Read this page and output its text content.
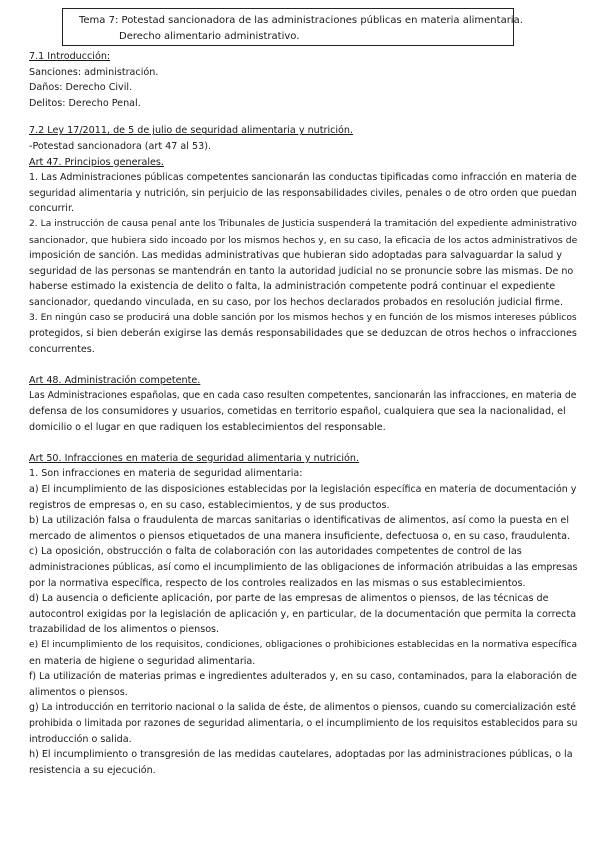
Tema 7: Potestad sancionadora de las administraciones públicas en materia alimentaria.
Derecho alimentario administrativo.
7.1 Introducción:
Sanciones: administración.
Daños: Derecho Civil.
Delitos: Derecho Penal.
7.2 Ley 17/2011, de 5 de julio de seguridad alimentaria y nutrición.
-Potestad sancionadora (art 47 al 53).
Art 47. Principios generales.
1. Las Administraciones públicas competentes sancionarán las conductas tipificadas como infracción en materia de
seguridad alimentaria y nutrición, sin perjuicio de las responsabilidades civiles, penales o de otro orden que puedan
concurrir.
2. La instrucción de causa penal ante los Tribunales de Justicia suspenderá la tramitación del expediente administrativo
sancionador, que hubiera sido incoado por los mismos hechos y, en su caso, la eficacia de los actos administrativos de
imposición de sanción. Las medidas administrativas que hubieran sido adoptadas para salvaguardar la salud y
seguridad de las personas se mantendrán en tanto la autoridad judicial no se pronuncie sobre las mismas. De no
haberse estimado la existencia de delito o falta, la administración competente podrá continuar el expediente
sancionador, quedando vinculada, en su caso, por los hechos declarados probados en resolución judicial firme.
3. En ningún caso se producirá una doble sanción por los mismos hechos y en función de los mismos intereses públicos
protegidos, si bien deberán exigirse las demás responsabilidades que se deduzcan de otros hechos o infracciones
concurrentes.
Art 48. Administración competente.
Las Administraciones españolas, que en cada caso resulten competentes, sancionarán las infracciones, en materia de
defensa de los consumidores y usuarios, cometidas en territorio español, cualquiera que sea la nacionalidad, el
domicilio o el lugar en que radiquen los establecimientos del responsable.
Art 50. Infracciones en materia de seguridad alimentaria y nutrición.
1. Son infracciones en materia de seguridad alimentaria:
a) El incumplimiento de las disposiciones establecidas por la legislación específica en materia de documentación y
registros de empresas o, en su caso, establecimientos, y de sus productos.
b) La utilización falsa o fraudulenta de marcas sanitarias o identificativas de alimentos, así como la puesta en el
mercado de alimentos o piensos etiquetados de una manera insuficiente, defectuosa o, en su caso, fraudulenta.
c) La oposición, obstrucción o falta de colaboración con las autoridades competentes de control de las
administraciones públicas, así como el incumplimiento de las obligaciones de información atribuidas a las empresas
por la normativa específica, respecto de los controles realizados en las mismas o sus establecimientos.
d) La ausencia o deficiente aplicación, por parte de las empresas de alimentos o piensos, de las técnicas de
autocontrol exigidas por la legislación de aplicación y, en particular, de la documentación que permita la correcta
trazabilidad de los alimentos o piensos.
e) El incumplimiento de los requisitos, condiciones, obligaciones o prohibiciones establecidas en la normativa específica
en materia de higiene o seguridad alimentaria.
f) La utilización de materias primas e ingredientes adulterados y, en su caso, contaminados, para la elaboración de
alimentos o piensos.
g) La introducción en territorio nacional o la salida de éste, de alimentos o piensos, cuando su comercialización esté
prohibida o limitada por razones de seguridad alimentaria, o el incumplimiento de los requisitos establecidos para su
introducción o salida.
h) El incumplimiento o transgresión de las medidas cautelares, adoptadas por las administraciones públicas, o la
resistencia a su ejecución.
